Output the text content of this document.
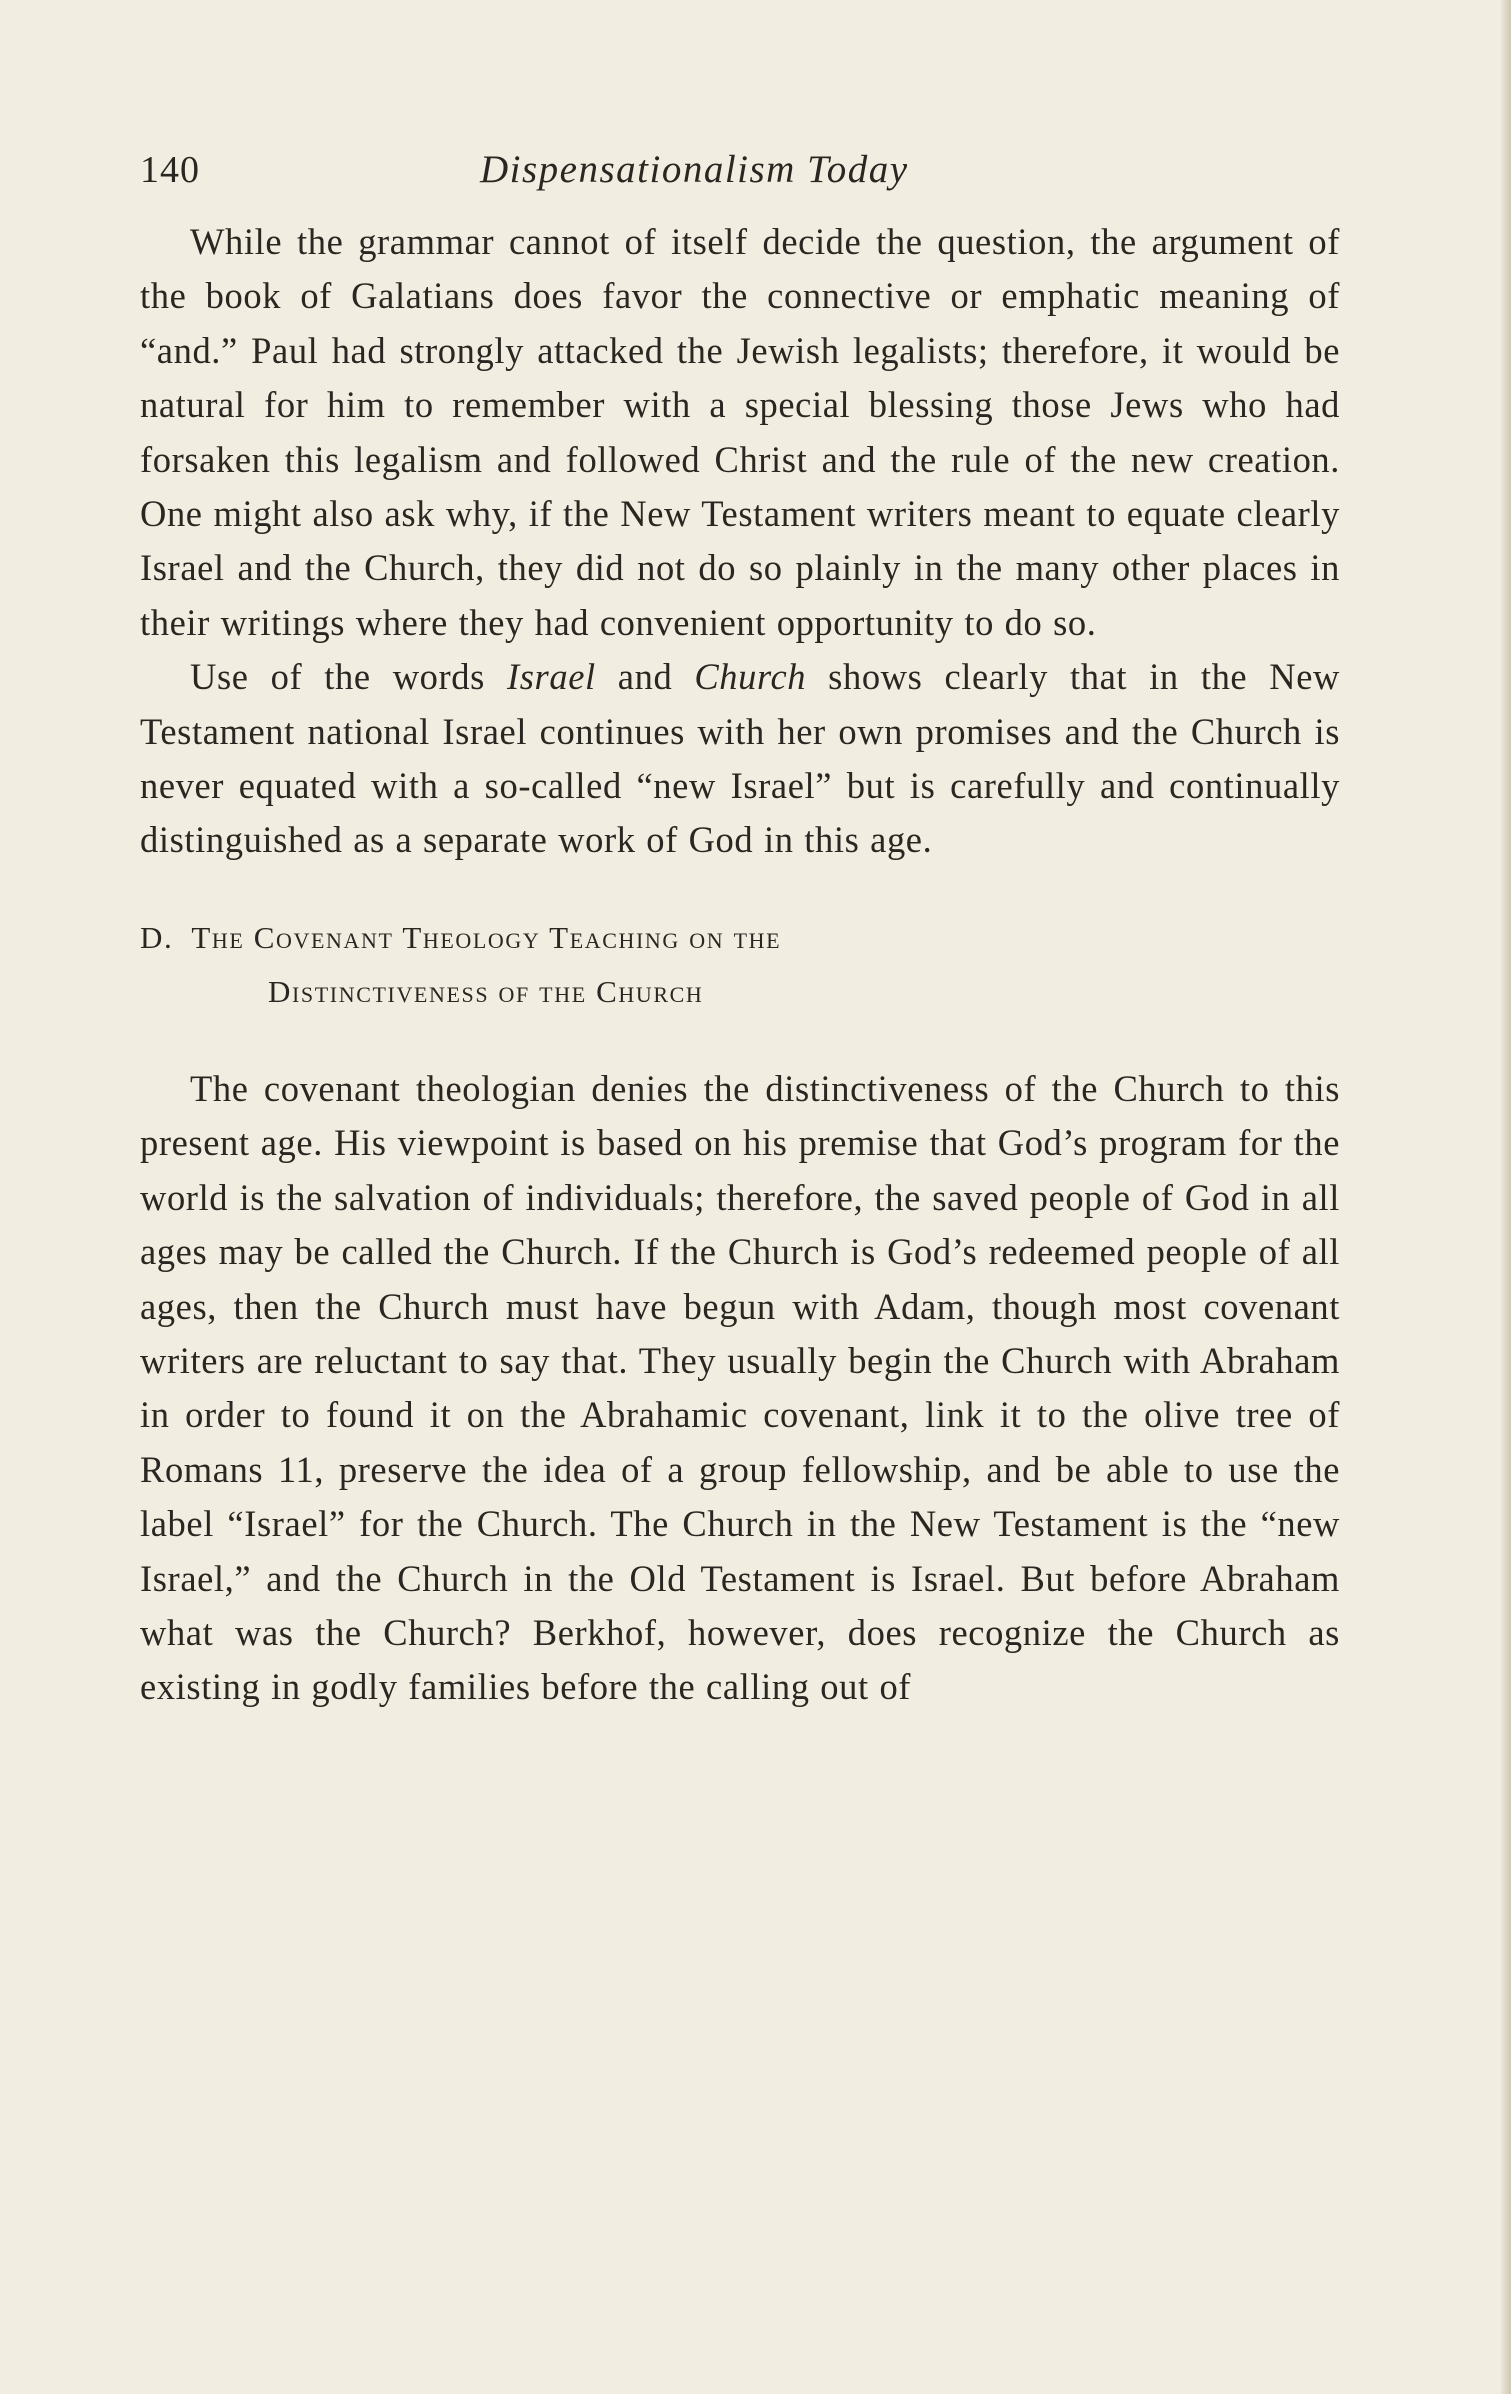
140	Dispensationalism Today

While the grammar cannot of itself decide the question, the argument of the book of Galatians does favor the connective or emphatic meaning of “and.” Paul had strongly attacked the Jewish legalists; therefore, it would be natural for him to remember with a special blessing those Jews who had forsaken this legalism and followed Christ and the rule of the new creation. One might also ask why, if the New Testament writers meant to equate clearly Israel and the Church, they did not do so plainly in the many other places in their writings where they had convenient opportunity to do so.

Use of the words Israel and Church shows clearly that in the New Testament national Israel continues with her own promises and the Church is never equated with a so-called “new Israel” but is carefully and continually distinguished as a separate work of God in this age.

D. The Covenant Theology Teaching on the
Distinctiveness of the Church

The covenant theologian denies the distinctiveness of the Church to this present age. His viewpoint is based on his premise that God’s program for the world is the salvation of individuals; therefore, the saved people of God in all ages may be called the Church. If the Church is God’s redeemed people of all ages, then the Church must have begun with Adam, though most covenant writers are reluctant to say that. They usually begin the Church with Abraham in order to found it on the Abrahamic covenant, link it to the olive tree of Romans 11, preserve the idea of a group fellowship, and be able to use the label “Israel” for the Church. The Church in the New Testament is the “new Israel,” and the Church in the Old Testament is Israel. But before Abraham what was the Church? Berkhof, however, does recognize the Church as existing in godly families before the calling out of
